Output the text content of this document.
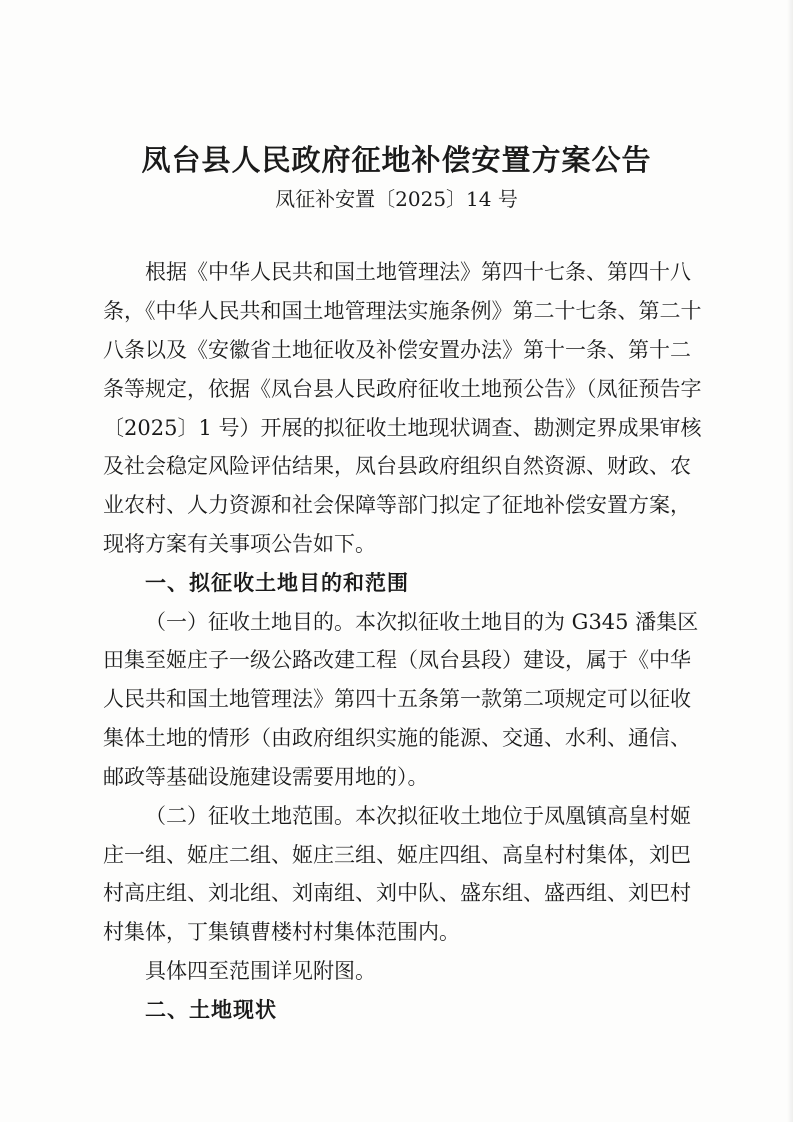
凤台县人民政府征地补偿安置方案公告
凤征补安置〔2025〕14 号
根据《中华人民共和国土地管理法》第四十七条、第四十八
条，《中华人民共和国土地管理法实施条例》第二十七条、第二十
八条以及《安徽省土地征收及补偿安置办法》第十一条、第十二
条等规定，依据《凤台县人民政府征收土地预公告》（凤征预告字
〔2025〕1 号）开展的拟征收土地现状调查、勘测定界成果审核
及社会稳定风险评估结果，凤台县政府组织自然资源、财政、农
业农村、人力资源和社会保障等部门拟定了征地补偿安置方案，
现将方案有关事项公告如下。
一、拟征收土地目的和范围
（一）征收土地目的。本次拟征收土地目的为 G345 潘集区
田集至姬庄子一级公路改建工程（凤台县段）建设，属于《中华
人民共和国土地管理法》第四十五条第一款第二项规定可以征收
集体土地的情形（由政府组织实施的能源、交通、水利、通信、
邮政等基础设施建设需要用地的）。
（二）征收土地范围。本次拟征收土地位于凤凰镇高皇村姬
庄一组、姬庄二组、姬庄三组、姬庄四组、高皇村村集体，刘巴
村高庄组、刘北组、刘南组、刘中队、盛东组、盛西组、刘巴村
村集体，丁集镇曹楼村村集体范围内。
具体四至范围详见附图。
二、土地现状
